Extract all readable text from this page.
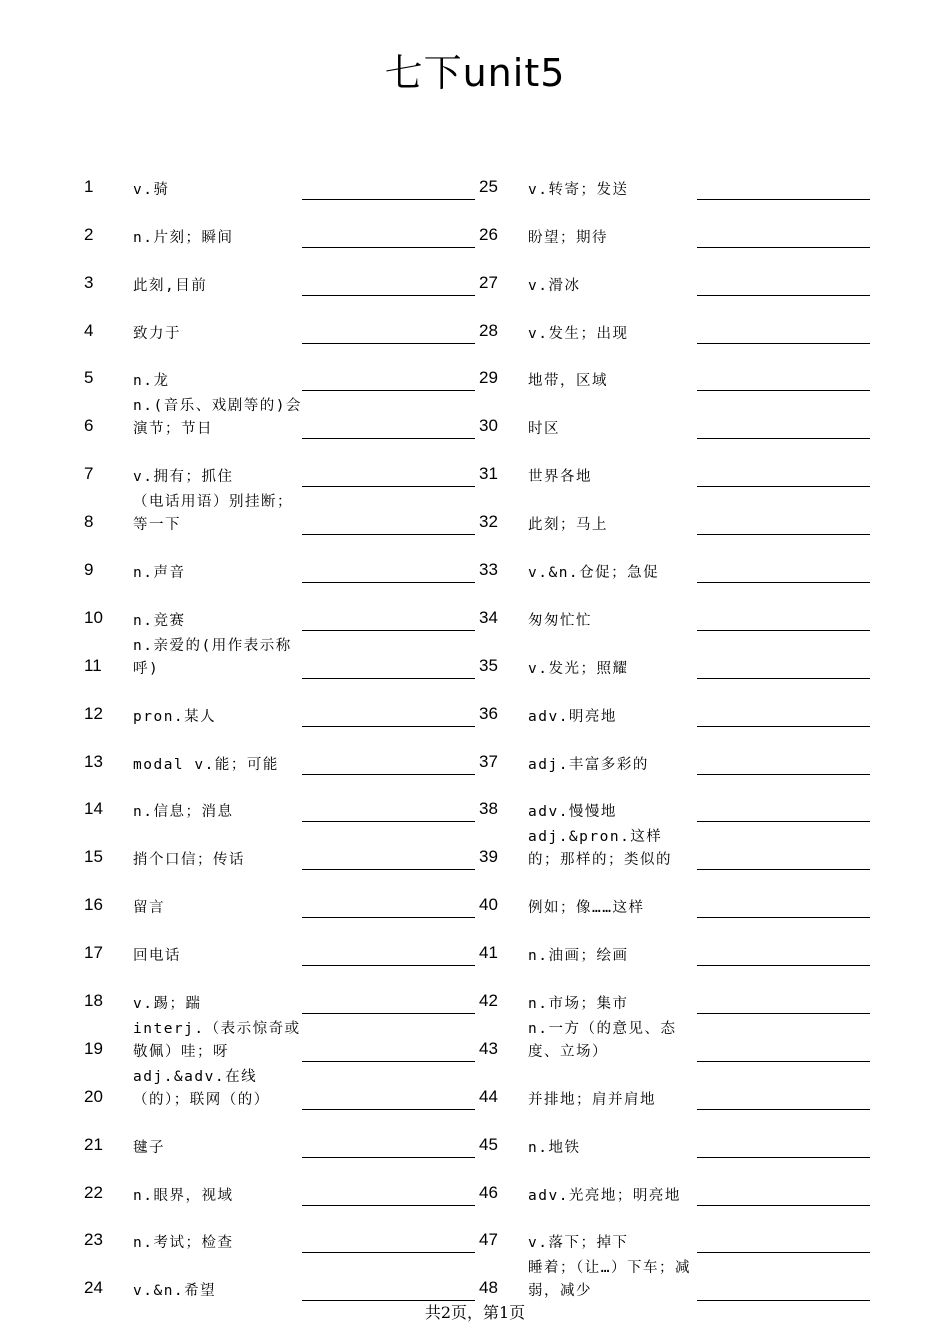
七下unit5
1	v.骑
2	n.片刻；瞬间
3	此刻,目前
4	致力于
5	n.龙
6
n.(音乐、戏剧等的)会演节；节日
7	v.拥有；抓住
8
（电话用语）别挂断；等一下
9	n.声音
10 n.竞赛
11
n.亲爱的(用作表示称呼)
12 pron.某人
13 modal v.能；可能
14 n.信息；消息
15 捎个口信；传话
16 留言
17 回电话
18 v.踢；踹
19
interj.（表示惊奇或敬佩）哇；呀
20
adj.&adv.在线（的）；联网（的）
21 毽子
22 n.眼界，视域
23 n.考试；检查
24 v.&n.希望
25 v.转寄；发送
26 盼望；期待
27 v.滑冰
28 v.发生；出现
29 地带，区域
30 时区
31 世界各地
32 此刻；马上
33 v.&n.仓促；急促
34 匆匆忙忙
35 v.发光；照耀
36 adv.明亮地
37 adj.丰富多彩的
38 adv.慢慢地
39
adj.&pron.这样的；那样的；类似的
40 例如；像……这样
41 n.油画；绘画
42 n.市场；集市
43
n.一方（的意见、态度、立场）
44 并排地；肩并肩地
45 n.地铁
46 adv.光亮地；明亮地
47 v.落下；掉下
48
睡着；（让…）下车；减弱，减少
共2页，第1页
